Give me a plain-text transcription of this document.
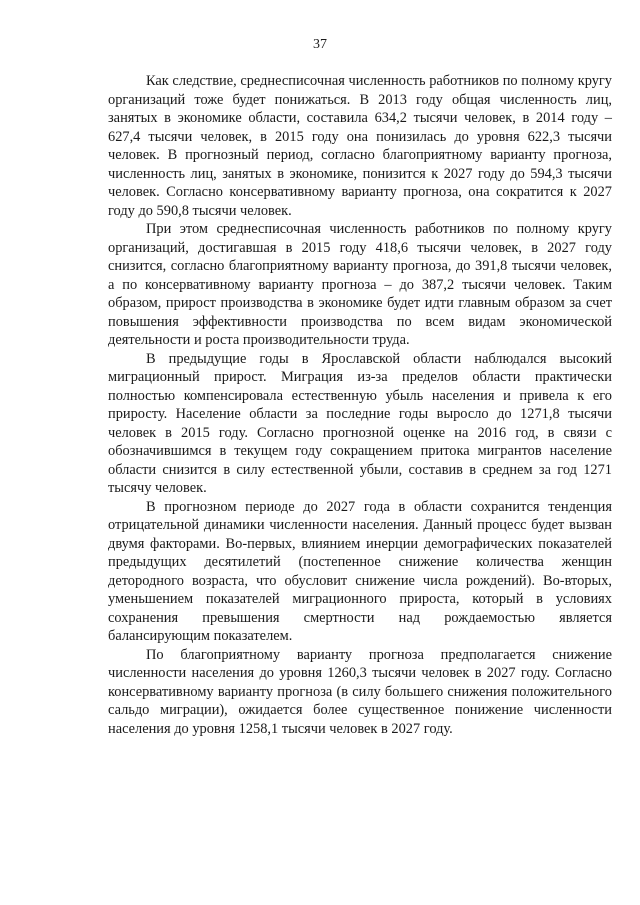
37

Как следствие, среднесписочная численность работников по полному кругу организаций тоже будет понижаться. В 2013 году общая численность лиц, занятых в экономике области, составила 634,2 тысячи человек, в 2014 году – 627,4 тысячи человек, в 2015 году она понизилась до уровня 622,3 тысячи человек. В прогнозный период, согласно благоприятному варианту прогноза, численность лиц, занятых в экономике, понизится к 2027 году до 594,3 тысячи человек. Согласно консервативному варианту прогноза, она сократится к 2027 году до 590,8 тысячи человек.

При этом среднесписочная численность работников по полному кругу организаций, достигавшая в 2015 году 418,6 тысячи человек, в 2027 году снизится, согласно благоприятному варианту прогноза, до 391,8 тысячи человек, а по консервативному варианту прогноза – до 387,2 тысячи человек. Таким образом, прирост производства в экономике будет идти главным образом за счет повышения эффективности производства по всем видам экономической деятельности и роста производительности труда.

В предыдущие годы в Ярославской области наблюдался высокий миграционный прирост. Миграция из-за пределов области практически полностью компенсировала естественную убыль населения и привела к его приросту. Население области за последние годы выросло до 1271,8 тысячи человек в 2015 году. Согласно прогнозной оценке на 2016 год, в связи с обозначившимся в текущем году сокращением притока мигрантов население области снизится в силу естественной убыли, составив в среднем за год 1271 тысячу человек.

В прогнозном периоде до 2027 года в области сохранится тенденция отрицательной динамики численности населения. Данный процесс будет вызван двумя факторами. Во-первых, влиянием инерции демографических показателей предыдущих десятилетий (постепенное снижение количества женщин детородного возраста, что обусловит снижение числа рождений). Во-вторых, уменьшением показателей миграционного прироста, который в условиях сохранения превышения смертности над рождаемостью является балансирующим показателем.

По благоприятному варианту прогноза предполагается снижение численности населения до уровня 1260,3 тысячи человек в 2027 году. Согласно консервативному варианту прогноза (в силу большего снижения положительного сальдо миграции), ожидается более существенное понижение численности населения до уровня 1258,1 тысячи человек в 2027 году.
